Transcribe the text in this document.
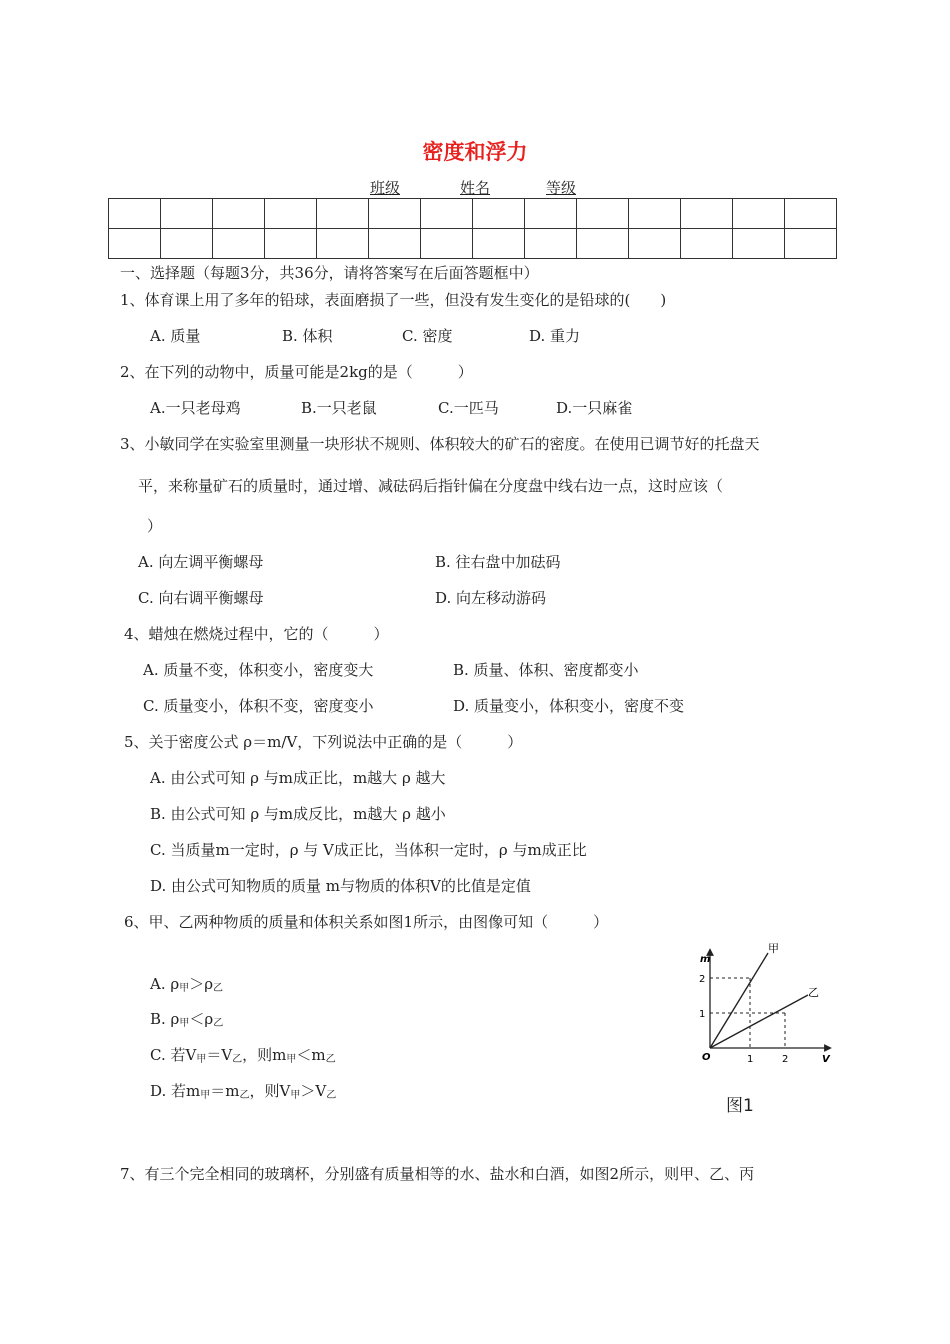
密度和浮力
班级	姓名	等级

一、选择题（每题3分，共36分，请将答案写在后面答题框中）
1、体育课上用了多年的铅球，表面磨损了一些，但没有发生变化的是铅球的(　　)
A. 质量	B. 体积	C. 密度	D. 重力
2、在下列的动物中，质量可能是2kg的是（　　　）
A.一只老母鸡	B.一只老鼠	C.一匹马	D.一只麻雀
3、小敏同学在实验室里测量一块形状不规则、体积较大的矿石的密度。在使用已调节好的托盘天
平，来称量矿石的质量时，通过增、减砝码后指针偏在分度盘中线右边一点，这时应该（
）
A. 向左调平衡螺母	B. 往右盘中加砝码
C. 向右调平衡螺母	D. 向左移动游码
4、蜡烛在燃烧过程中，它的（　　　）
A. 质量不变，体积变小，密度变大	B. 质量、体积、密度都变小
C. 质量变小，体积不变，密度变小	D. 质量变小，体积变小，密度不变
5、关于密度公式 ρ＝m/V，下列说法中正确的是（　　　）
A. 由公式可知 ρ 与m成正比，m越大 ρ 越大
B. 由公式可知 ρ 与m成反比，m越大 ρ 越小
C. 当质量m一定时，ρ 与 V成正比，当体积一定时，ρ 与m成正比
D. 由公式可知物质的质量 m与物质的体积V的比值是定值
6、甲、乙两种物质的质量和体积关系如图1所示，由图像可知（　　　）
A. $\rho_甲>\rho_乙$
B. $\rho_甲<\rho_乙$
C. 若$V_甲=V_乙$，则$m_甲<m_乙$
D. 若$m_甲=m_乙$，则$V_甲>V_乙$
m
V
O
2
1
1	2
甲
乙
图1
7、有三个完全相同的玻璃杯，分别盛有质量相等的水、盐水和白酒，如图2所示，则甲、乙、丙
